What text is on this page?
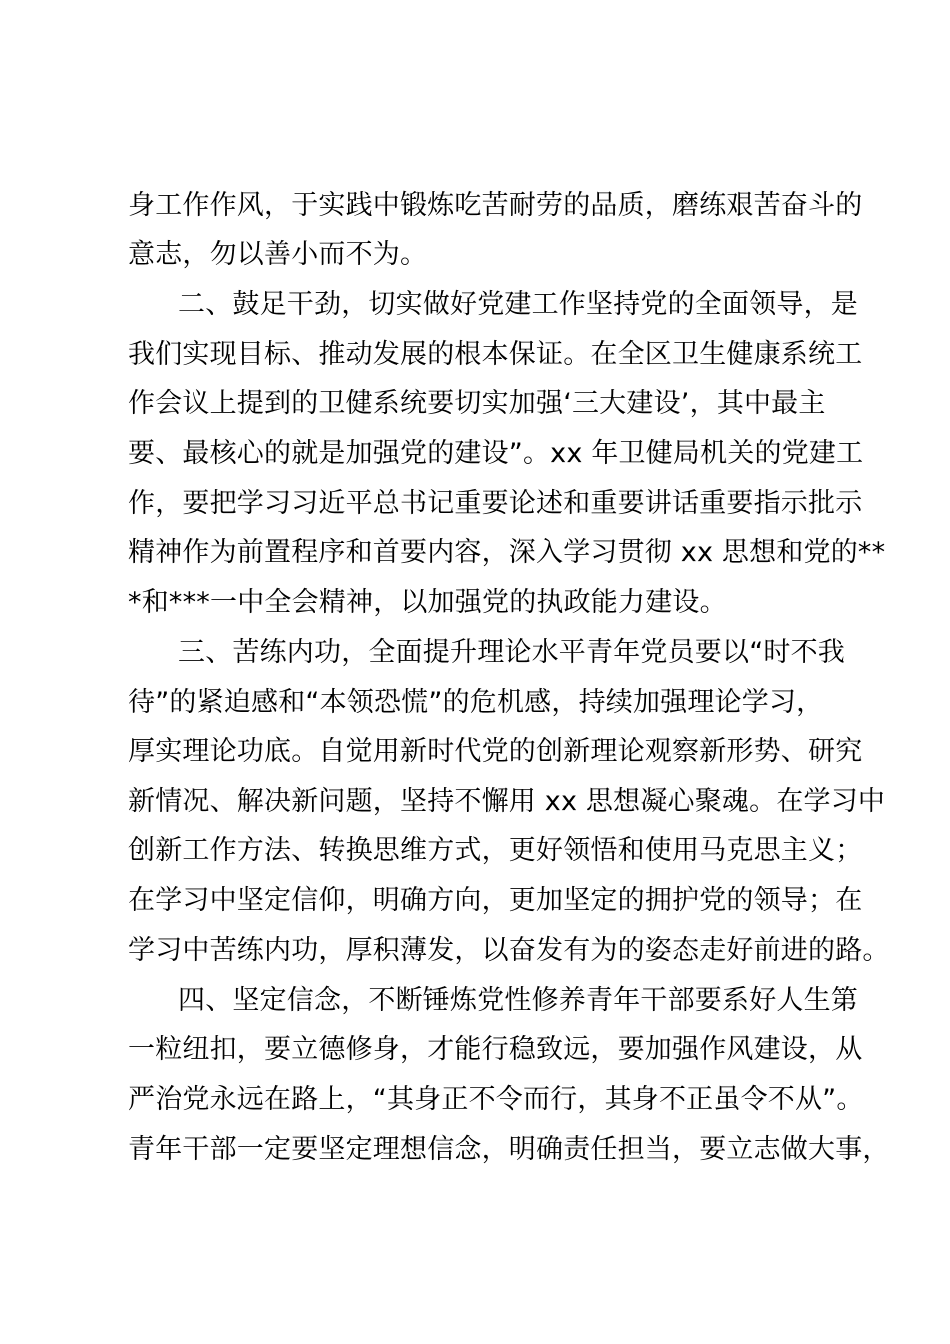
身工作作风，于实践中锻炼吃苦耐劳的品质，磨练艰苦奋斗的
意志，勿以善小而不为。
二、鼓足干劲，切实做好党建工作坚持党的全面领导，是
我们实现目标、推动发展的根本保证。在全区卫生健康系统工
作会议上提到的卫健系统要切实加强‘三大建设’，其中最主
要、最核心的就是加强党的建设”。xx 年卫健局机关的党建工
作，要把学习习近平总书记重要论述和重要讲话重要指示批示
精神作为前置程序和首要内容，深入学习贯彻 xx 思想和党的**
*和***一中全会精神，以加强党的执政能力建设。
三、苦练内功，全面提升理论水平青年党员要以“时不我
待”的紧迫感和“本领恐慌”的危机感，持续加强理论学习，
厚实理论功底。自觉用新时代党的创新理论观察新形势、研究
新情况、解决新问题，坚持不懈用 xx 思想凝心聚魂。在学习中
创新工作方法、转换思维方式，更好领悟和使用马克思主义；
在学习中坚定信仰，明确方向，更加坚定的拥护党的领导；在
学习中苦练内功，厚积薄发，以奋发有为的姿态走好前进的路。
四、坚定信念，不断锤炼党性修养青年干部要系好人生第
一粒纽扣，要立德修身，才能行稳致远，要加强作风建设，从
严治党永远在路上，“其身正不令而行，其身不正虽令不从”。
青年干部一定要坚定理想信念，明确责任担当，要立志做大事，
